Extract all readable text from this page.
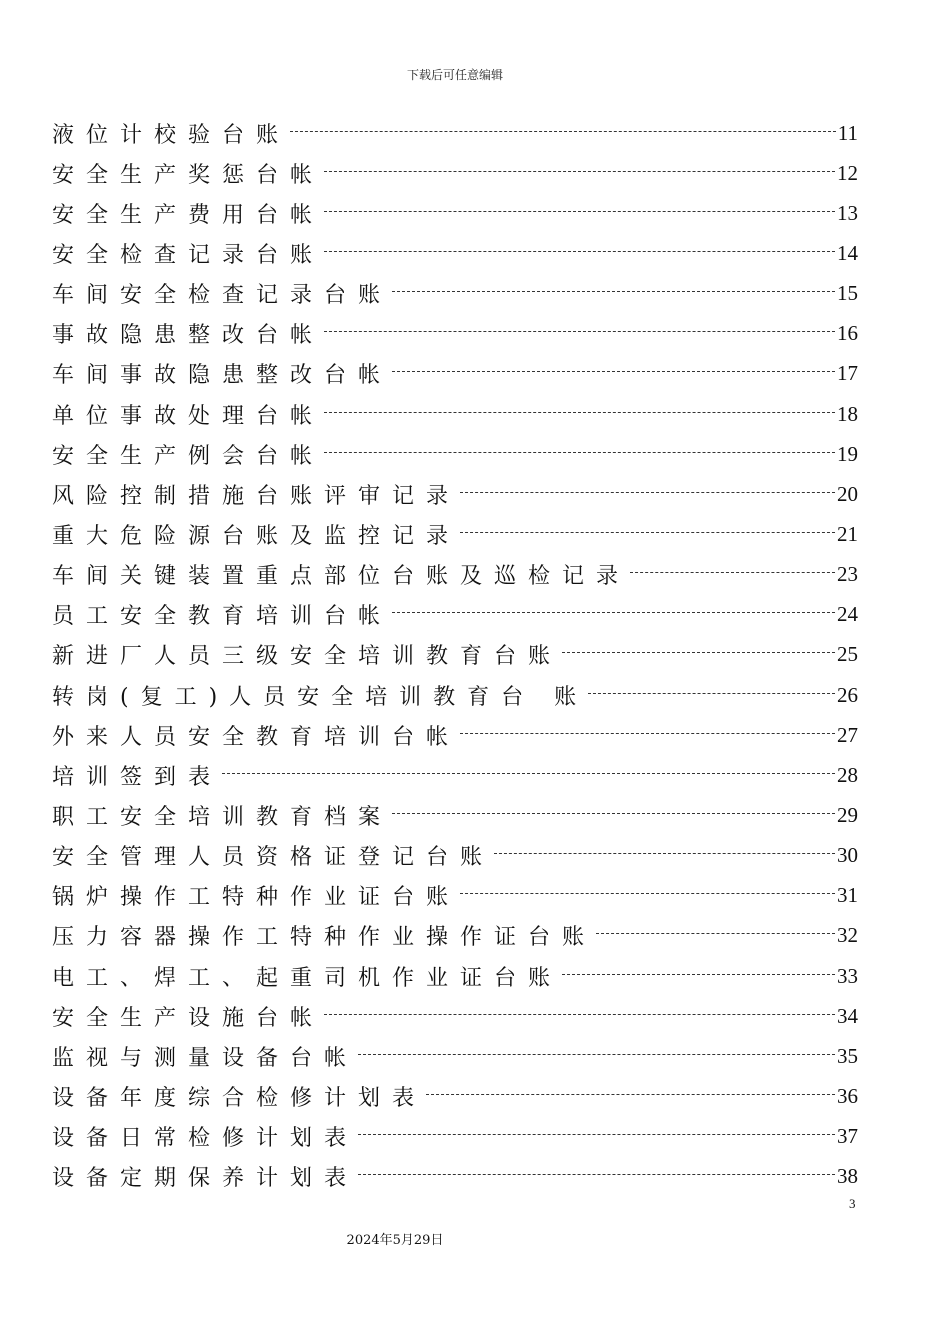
下载后可任意编辑
液位计校验台账	11
安全生产奖惩台帐	12
安全生产费用台帐	13
安全检查记录台账	14
车间安全检查记录台账	15
事故隐患整改台帐	16
车间事故隐患整改台帐	17
单位事故处理台帐	18
安全生产例会台帐	19
风险控制措施台账评审记录	20
重大危险源台账及监控记录	21
车间关键装置重点部位台账及巡检记录	23
员工安全教育培训台帐	24
新进厂人员三级安全培训教育台账	25
转岗(复工)人员安全培训教育台 账	26
外来人员安全教育培训台帐	27
培训签到表	28
职工安全培训教育档案	29
安全管理人员资格证登记台账	30
锅炉操作工特种作业证台账	31
压力容器操作工特种作业操作证台账	32
电工、焊工、起重司机作业证台账	33
安全生产设施台帐	34
监视与测量设备台帐	35
设备年度综合检修计划表	36
设备日常检修计划表	37
设备定期保养计划表	38
3
2024年5月29日
